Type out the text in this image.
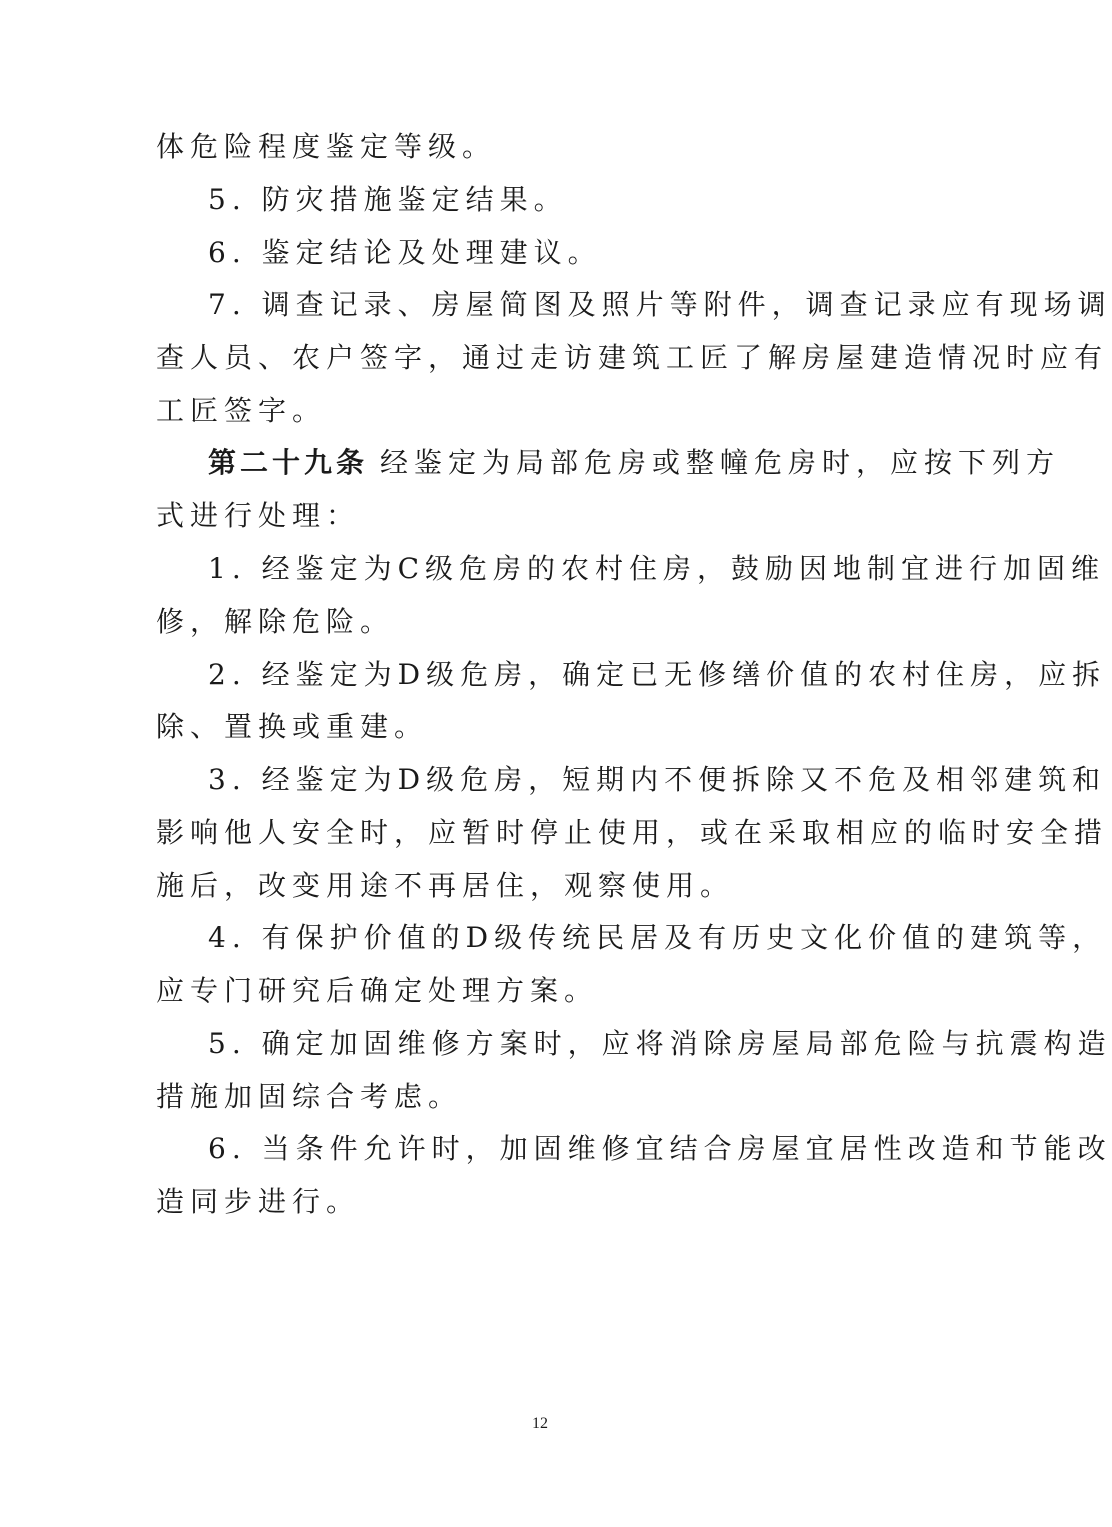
体危险程度鉴定等级。
5. 防灾措施鉴定结果。
6. 鉴定结论及处理建议。
7. 调查记录、房屋简图及照片等附件，调查记录应有现场调
查人员、农户签字，通过走访建筑工匠了解房屋建造情况时应有
工匠签字。
第二十九条 经鉴定为局部危房或整幢危房时，应按下列方
式进行处理：
1. 经鉴定为C级危房的农村住房，鼓励因地制宜进行加固维
修，解除危险。
2. 经鉴定为D级危房，确定已无修缮价值的农村住房，应拆
除、置换或重建。
3. 经鉴定为D级危房，短期内不便拆除又不危及相邻建筑和
影响他人安全时，应暂时停止使用，或在采取相应的临时安全措
施后，改变用途不再居住，观察使用。
4. 有保护价值的D级传统民居及有历史文化价值的建筑等，
应专门研究后确定处理方案。
5. 确定加固维修方案时，应将消除房屋局部危险与抗震构造
措施加固综合考虑。
6. 当条件允许时，加固维修宜结合房屋宜居性改造和节能改
造同步进行。
12
